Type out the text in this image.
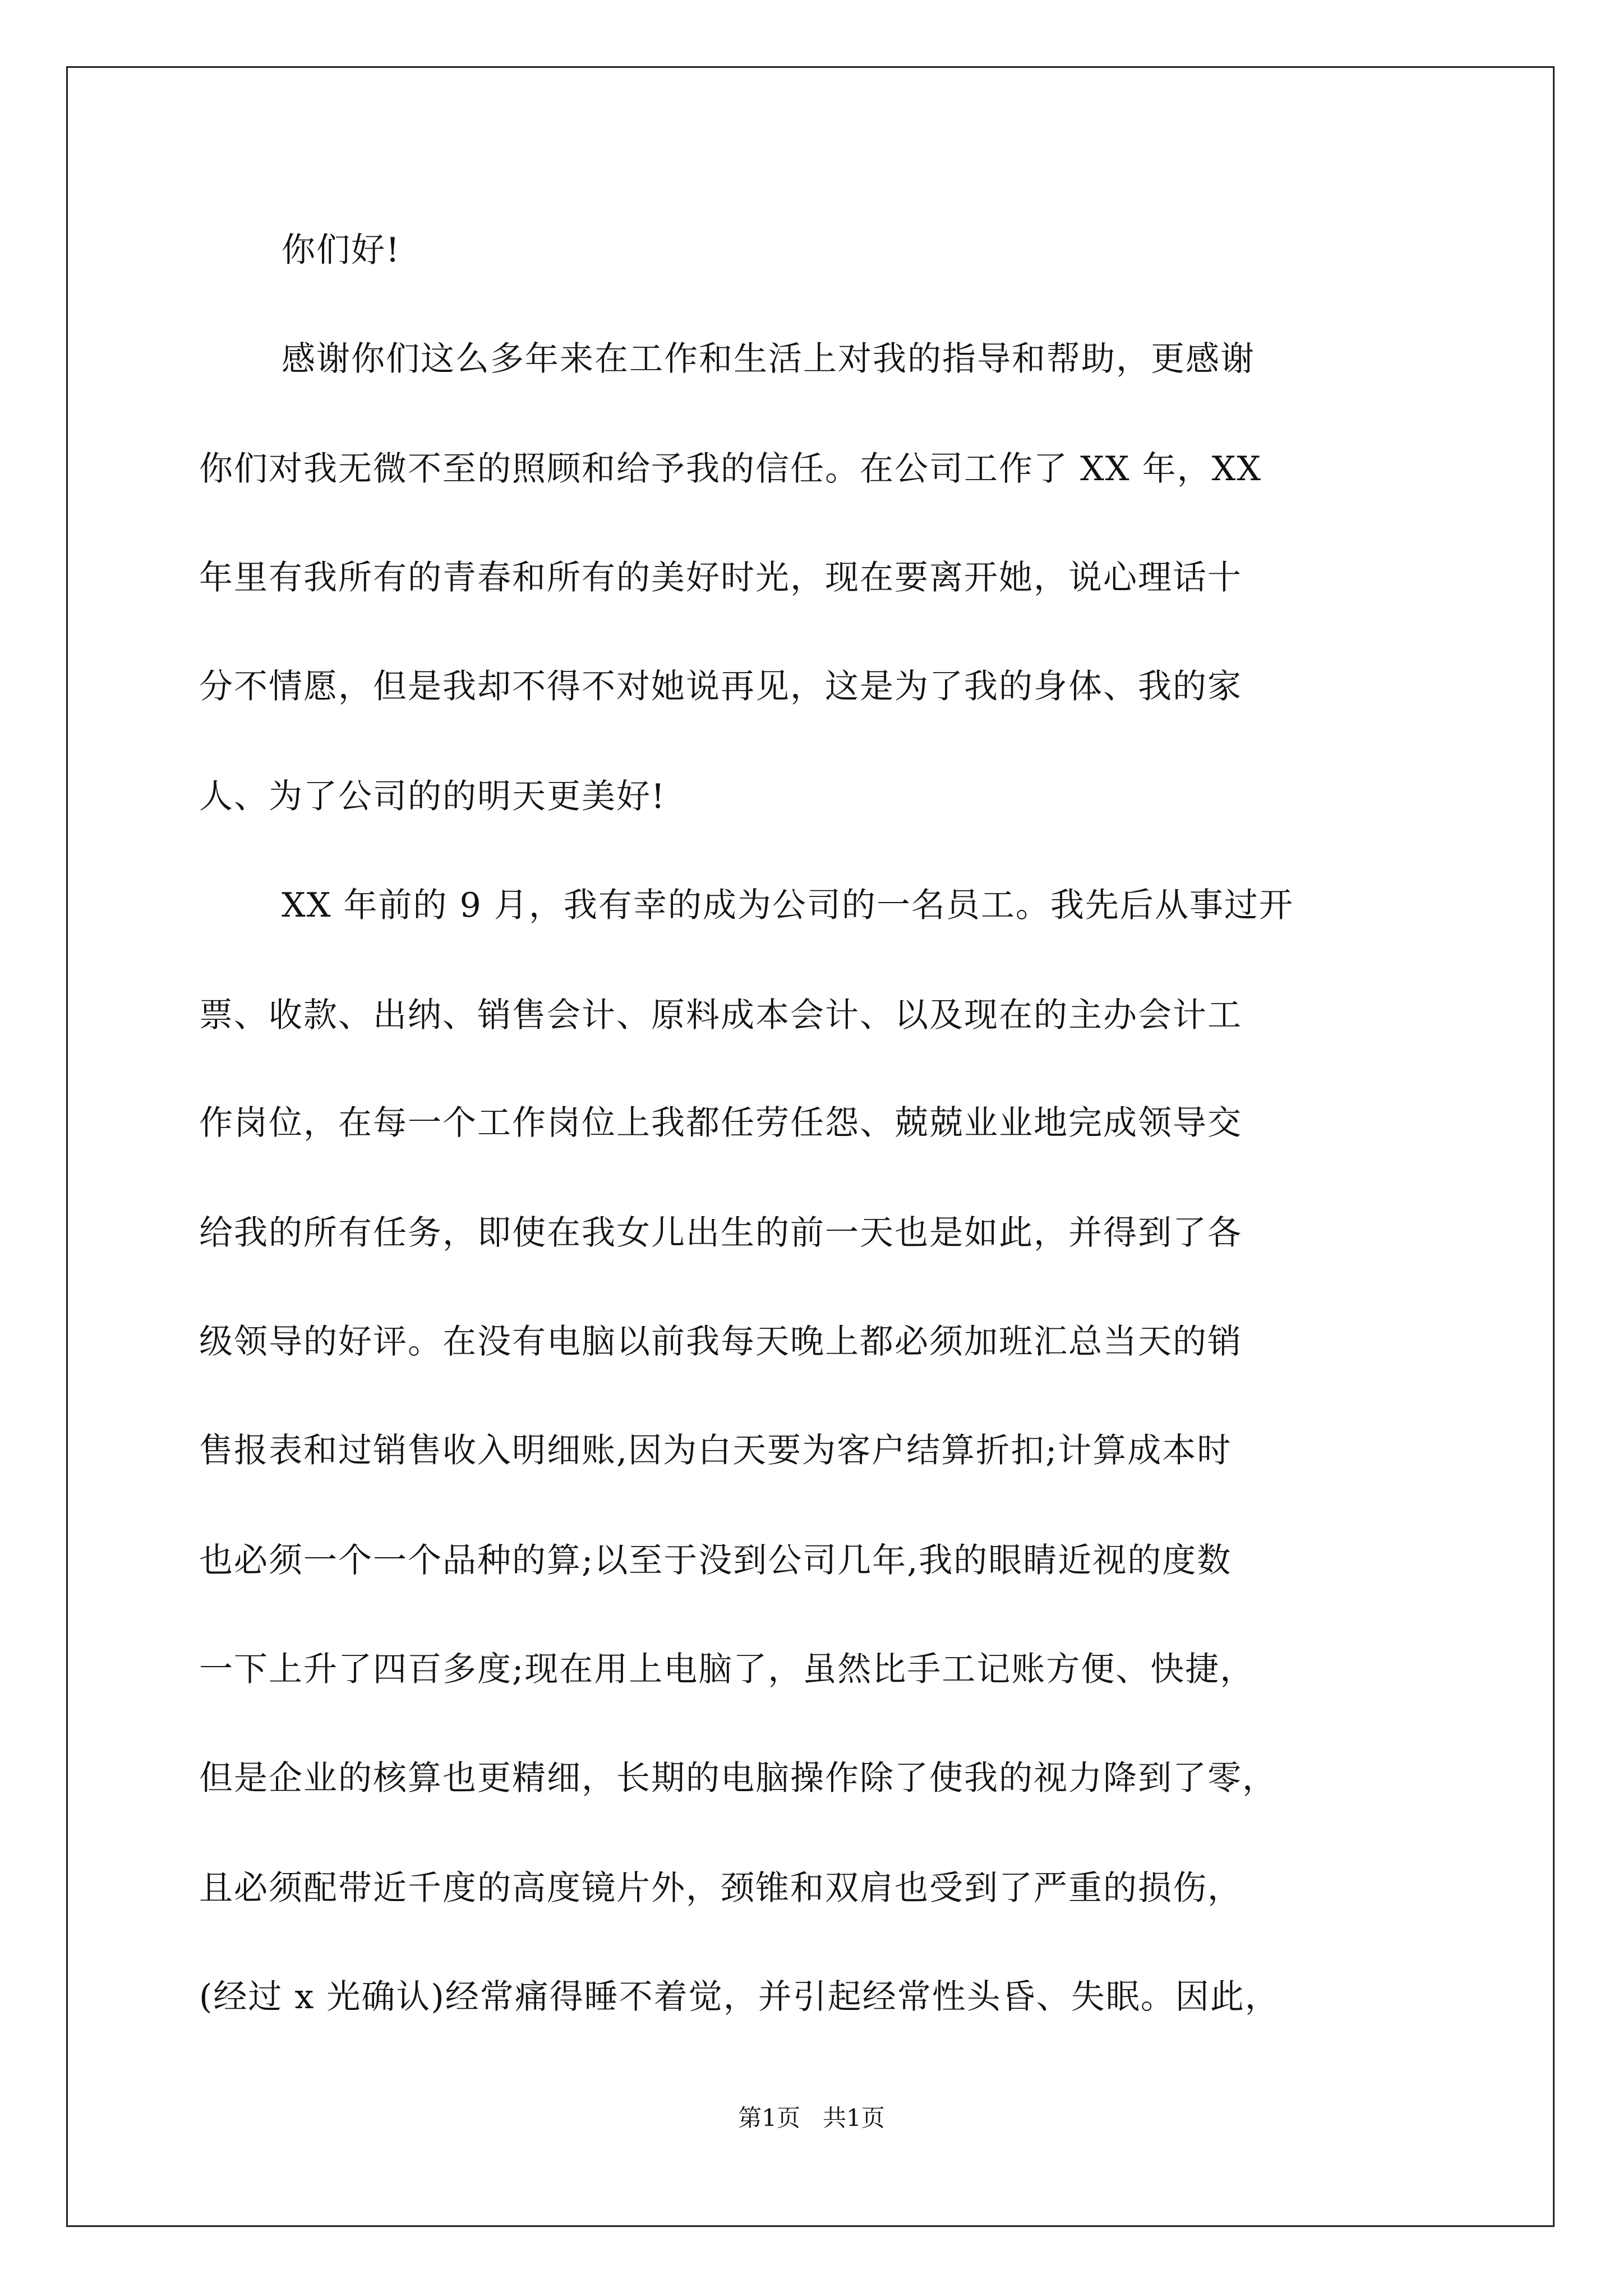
你们好!
感谢你们这么多年来在工作和生活上对我的指导和帮助，更感谢
你们对我无微不至的照顾和给予我的信任。在公司工作了 XX 年，XX
年里有我所有的青春和所有的美好时光，现在要离开她，说心理话十
分不情愿，但是我却不得不对她说再见，这是为了我的身体、我的家
人、为了公司的的明天更美好!
XX 年前的 9 月，我有幸的成为公司的一名员工。我先后从事过开
票、收款、出纳、销售会计、原料成本会计、以及现在的主办会计工
作岗位，在每一个工作岗位上我都任劳任怨、兢兢业业地完成领导交
给我的所有任务，即使在我女儿出生的前一天也是如此，并得到了各
级领导的好评。在没有电脑以前我每天晚上都必须加班汇总当天的销
售报表和过销售收入明细账,因为白天要为客户结算折扣;计算成本时
也必须一个一个品种的算;以至于没到公司几年,我的眼睛近视的度数
一下上升了四百多度;现在用上电脑了，虽然比手工记账方便、快捷，
但是企业的核算也更精细，长期的电脑操作除了使我的视力降到了零，
且必须配带近千度的高度镜片外，颈锥和双肩也受到了严重的损伤，
(经过 x 光确认)经常痛得睡不着觉，并引起经常性头昏、失眠。因此，
第1页   共1页
